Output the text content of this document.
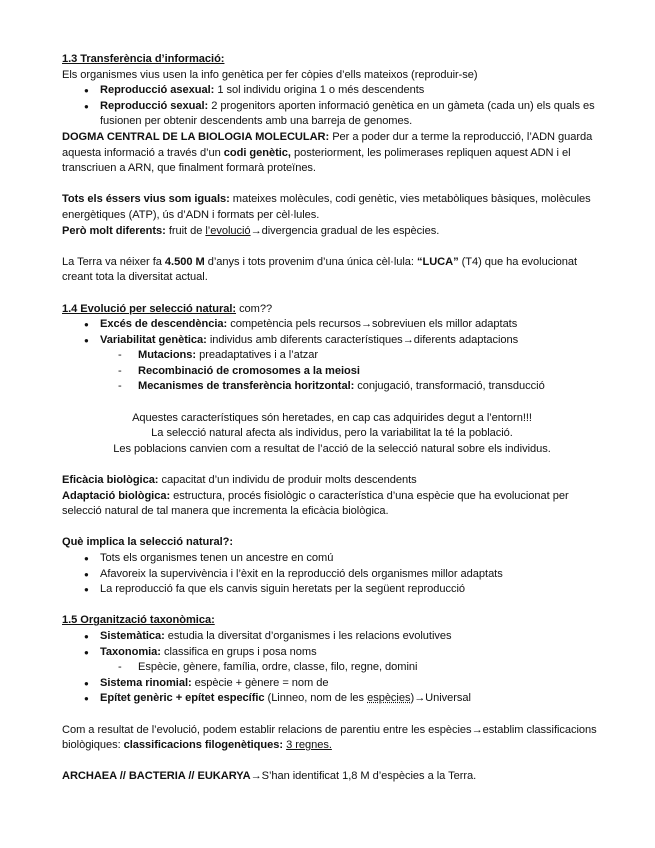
1.3 Transferència d’informació:
Els organismes vius usen la info genètica per fer còpies d’ells mateixos (reproduir-se)
● Reproducció asexual: 1 sol individu origina 1 o més descendents
● Reproducció sexual: 2 progenitors aporten informació genètica en un gàmeta (cada un) els quals es fusionen per obtenir descendents amb una barreja de genomes.
DOGMA CENTRAL DE LA BIOLOGIA MOLECULAR: Per a poder dur a terme la reproducció, l’ADN guarda aquesta informació a través d’un codi genètic, posteriorment, les polimerases repliquen aquest ADN i el transcriuen a ARN, que finalment formarà proteïnes.
Tots els éssers vius som iguals: mateixes molècules, codi genètic, vies metabòliques bàsiques, molècules energètiques (ATP), ús d’ADN i formats per cèl·lules.
Però molt diferents: fruit de l’evolució→divergencia gradual de les espècies.
La Terra va néixer fa 4.500 M d’anys i tots provenim d’una única cèl·lula: “LUCA” (T4) que ha evolucionat creant tota la diversitat actual.
1.4 Evolució per selecció natural: com??
● Excés de descendència: competència pels recursos→sobreviuen els millor adaptats
● Variabilitat genètica: individus amb diferents característiques→diferents adaptacions
- Mutacions: preadaptatives i a l’atzar
- Recombinació de cromosomes a la meiosi
- Mecanismes de transferència horitzontal: conjugació, transformació, transducció
Aquestes característiques són heretades, en cap cas adquirides degut a l’entorn!!!
La selecció natural afecta als individus, pero la variabilitat la té la població.
Les poblacions canvien com a resultat de l’acció de la selecció natural sobre els individus.
Eficàcia biològica: capacitat d’un individu de produir molts descendents
Adaptació biològica: estructura, procés fisiològic o característica d’una espècie que ha evolucionat per selecció natural de tal manera que incrementa la eficàcia biològica.
Què implica la selecció natural?:
● Tots els organismes tenen un ancestre en comú
● Afavoreix la supervivència i l’èxit en la reproducció dels organismes millor adaptats
● La reproducció fa que els canvis siguin heretats per la següent reproducció
1.5 Organització taxonòmica:
● Sistemàtica: estudia la diversitat d’organismes i les relacions evolutives
● Taxonomia: classifica en grups i posa noms
- Espècie, gènere, família, ordre, classe, filo, regne, domini
● Sistema rinomial: espècie + gènere = nom de
● Epítet genèric + epítet específic (Linneo, nom de les espècies)→Universal
Com a resultat de l’evolució, podem establir relacions de parentiu entre les espècies→establim classificacions biològiques: classificacions filogenètiques: 3 regnes.
ARCHAEA // BACTERIA // EUKARYA→S’han identificat 1,8 M d’espècies a la Terra.
